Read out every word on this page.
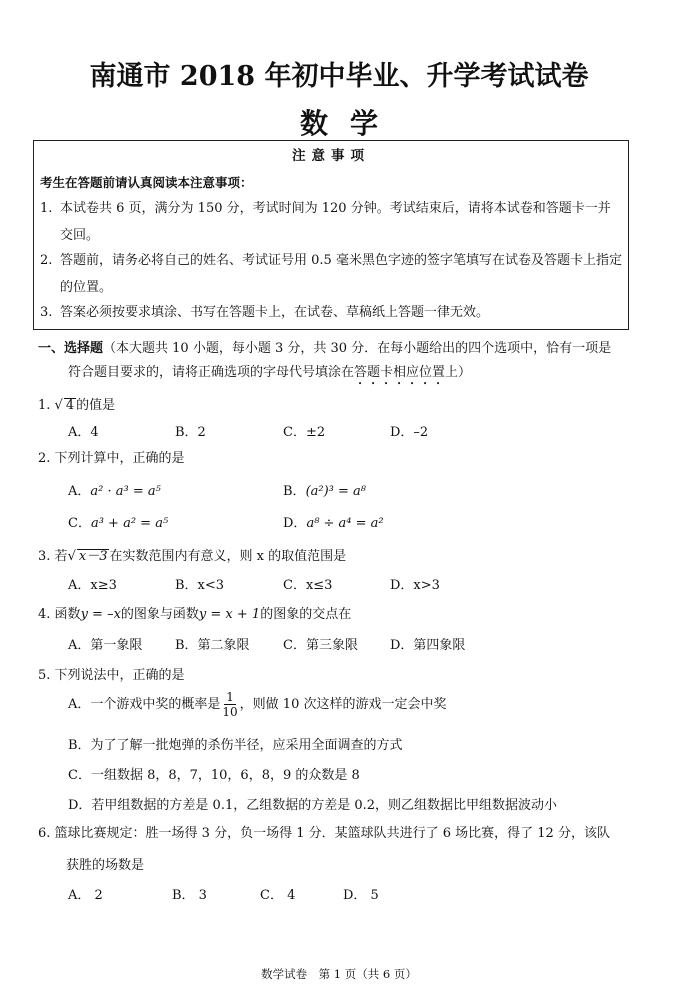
南通市 2018 年初中毕业、升学考试试卷
数学
注意事项
考生在答题前请认真阅读本注意事项：
1. 本试卷共 6 页，满分为 150 分，考试时间为 120 分钟。考试结束后，请将本试卷和答题卡一并交回。
2. 答题前，请务必将自己的姓名、考试证号用 0.5 毫米黑色字迹的签字笔填写在试卷及答题卡上指定的位置。
3. 答案必须按要求填涂、书写在答题卡上，在试卷、草稿纸上答题一律无效。
一、选择题（本大题共 10 小题，每小题 3 分，共 30 分．在每小题给出的四个选项中，恰有一项是
符合题目要求的，请将正确选项的字母代号填涂在答题卡相应位置上）
1. √ 4 的值是
A．4	B．2	C．±2	D．–2
2. 下列计算中，正确的是
A．a² · a³ = a⁵	B．(a²)³ = a⁸
C．a³ + a² = a⁵	D．a⁸ ÷ a⁴ = a²
3. 若√ x－3 在实数范围内有意义，则 x 的取值范围是
A．x≥3	B．x<3	C．x≤3	D．x>3
4. 函数y = –x的图象与函数y = x + 1的图象的交点在
A．第一象限	B．第二象限	C．第三象限 D．第四象限
5. 下列说法中，正确的是
A．一个游戏中奖的概率是 $\frac{1}{10}$ ，则做 10 次这样的游戏一定会中奖
B．为了了解一批炮弹的杀伤半径，应采用全面调查的方式
C．一组数据 8，8，7，10，6，8，9 的众数是 8
D．若甲组数据的方差是 0.1，乙组数据的方差是 0.2，则乙组数据比甲组数据波动小
6. 篮球比赛规定：胜一场得 3 分，负一场得 1 分．某篮球队共进行了 6 场比赛，得了 12 分，该队
获胜的场数是
A． 2	B． 3	C． 4	D． 5
数学试卷　第 1 页（共 6 页）
